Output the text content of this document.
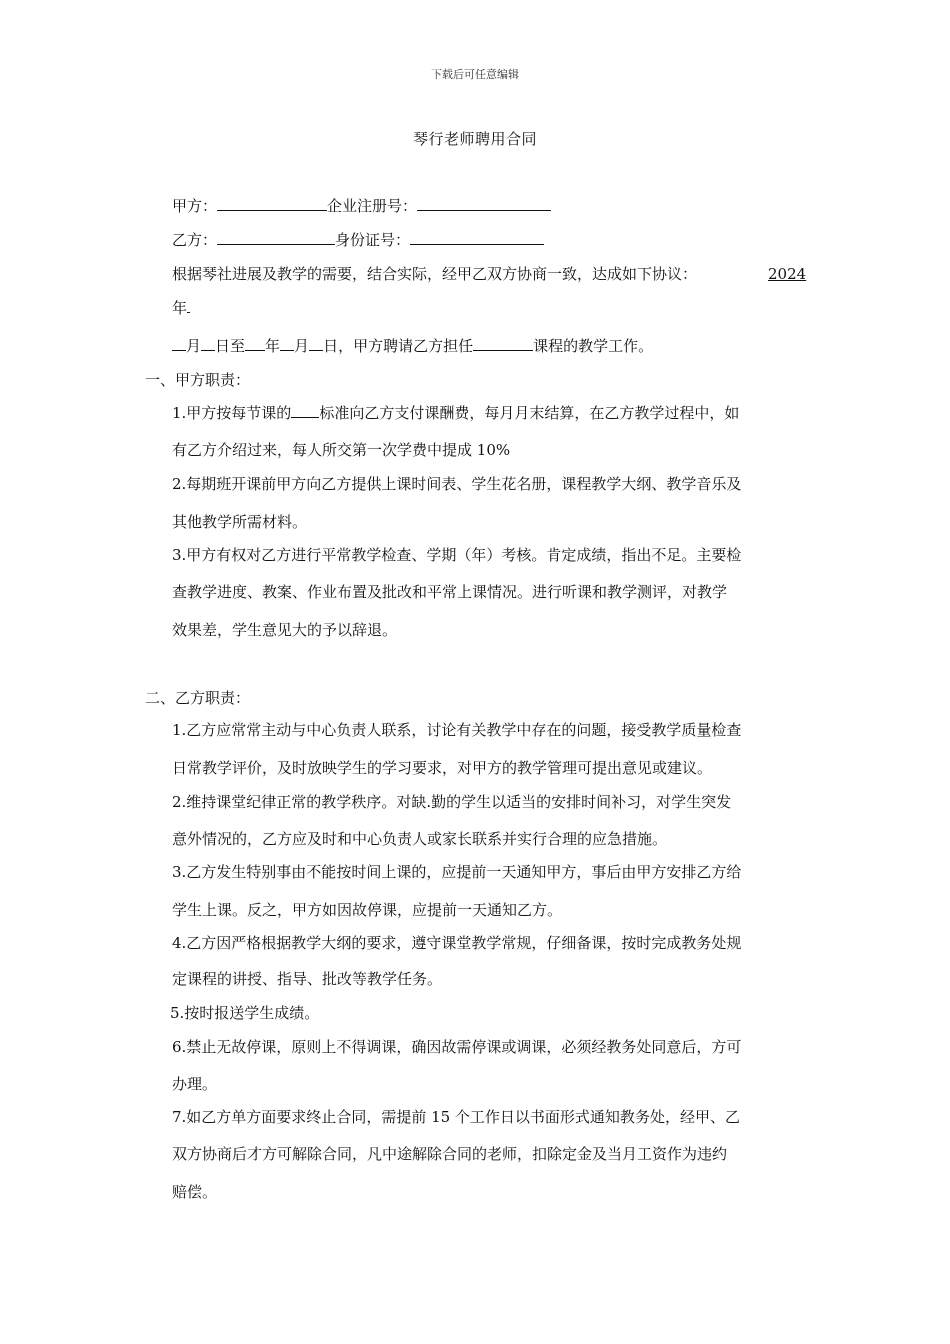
下载后可任意编辑
琴行老师聘用合同
甲方：	企业注册号：
乙方：	身份证号：
根据琴社进展及教学的需要，结合实际，经甲乙双方协商一致，达成如下协议：	2024
年
月 日至 年 月 日，甲方聘请乙方担任	课程的教学工作。
一、甲方职责：
1.甲方按每节课的 标准向乙方支付课酬费，每月月末结算，在乙方教学过程中，如
有乙方介绍过来，每人所交第一次学费中提成 10%
2.每期班开课前甲方向乙方提供上课时间表、学生花名册，课程教学大纲、教学音乐及
其他教学所需材料。
3.甲方有权对乙方进行平常教学检查、学期（年）考核。肯定成绩，指出不足。主要检
查教学进度、教案、作业布置及批改和平常上课情况。进行听课和教学测评，对教学
效果差，学生意见大的予以辞退。
二、乙方职责：
1.乙方应常常主动与中心负责人联系，讨论有关教学中存在的问题，接受教学质量检查
日常教学评价，及时放映学生的学习要求，对甲方的教学管理可提出意见或建议。
2.维持课堂纪律正常的教学秩序。对缺.勤的学生以适当的安排时间补习，对学生突发
意外情况的，乙方应及时和中心负责人或家长联系并实行合理的应急措施。
3.乙方发生特别事由不能按时间上课的，应提前一天通知甲方，事后由甲方安排乙方给
学生上课。反之，甲方如因故停课，应提前一天通知乙方。
4.乙方因严格根据教学大纲的要求，遵守课堂教学常规，仔细备课，按时完成教务处规
定课程的讲授、指导、批改等教学任务。
5.按时报送学生成绩。
6.禁止无故停课，原则上不得调课，确因故需停课或调课，必须经教务处同意后，方可
办理。
7.如乙方单方面要求终止合同，需提前 15 个工作日以书面形式通知教务处，经甲、乙
双方协商后才方可解除合同，凡中途解除合同的老师，扣除定金及当月工资作为违约
赔偿。
